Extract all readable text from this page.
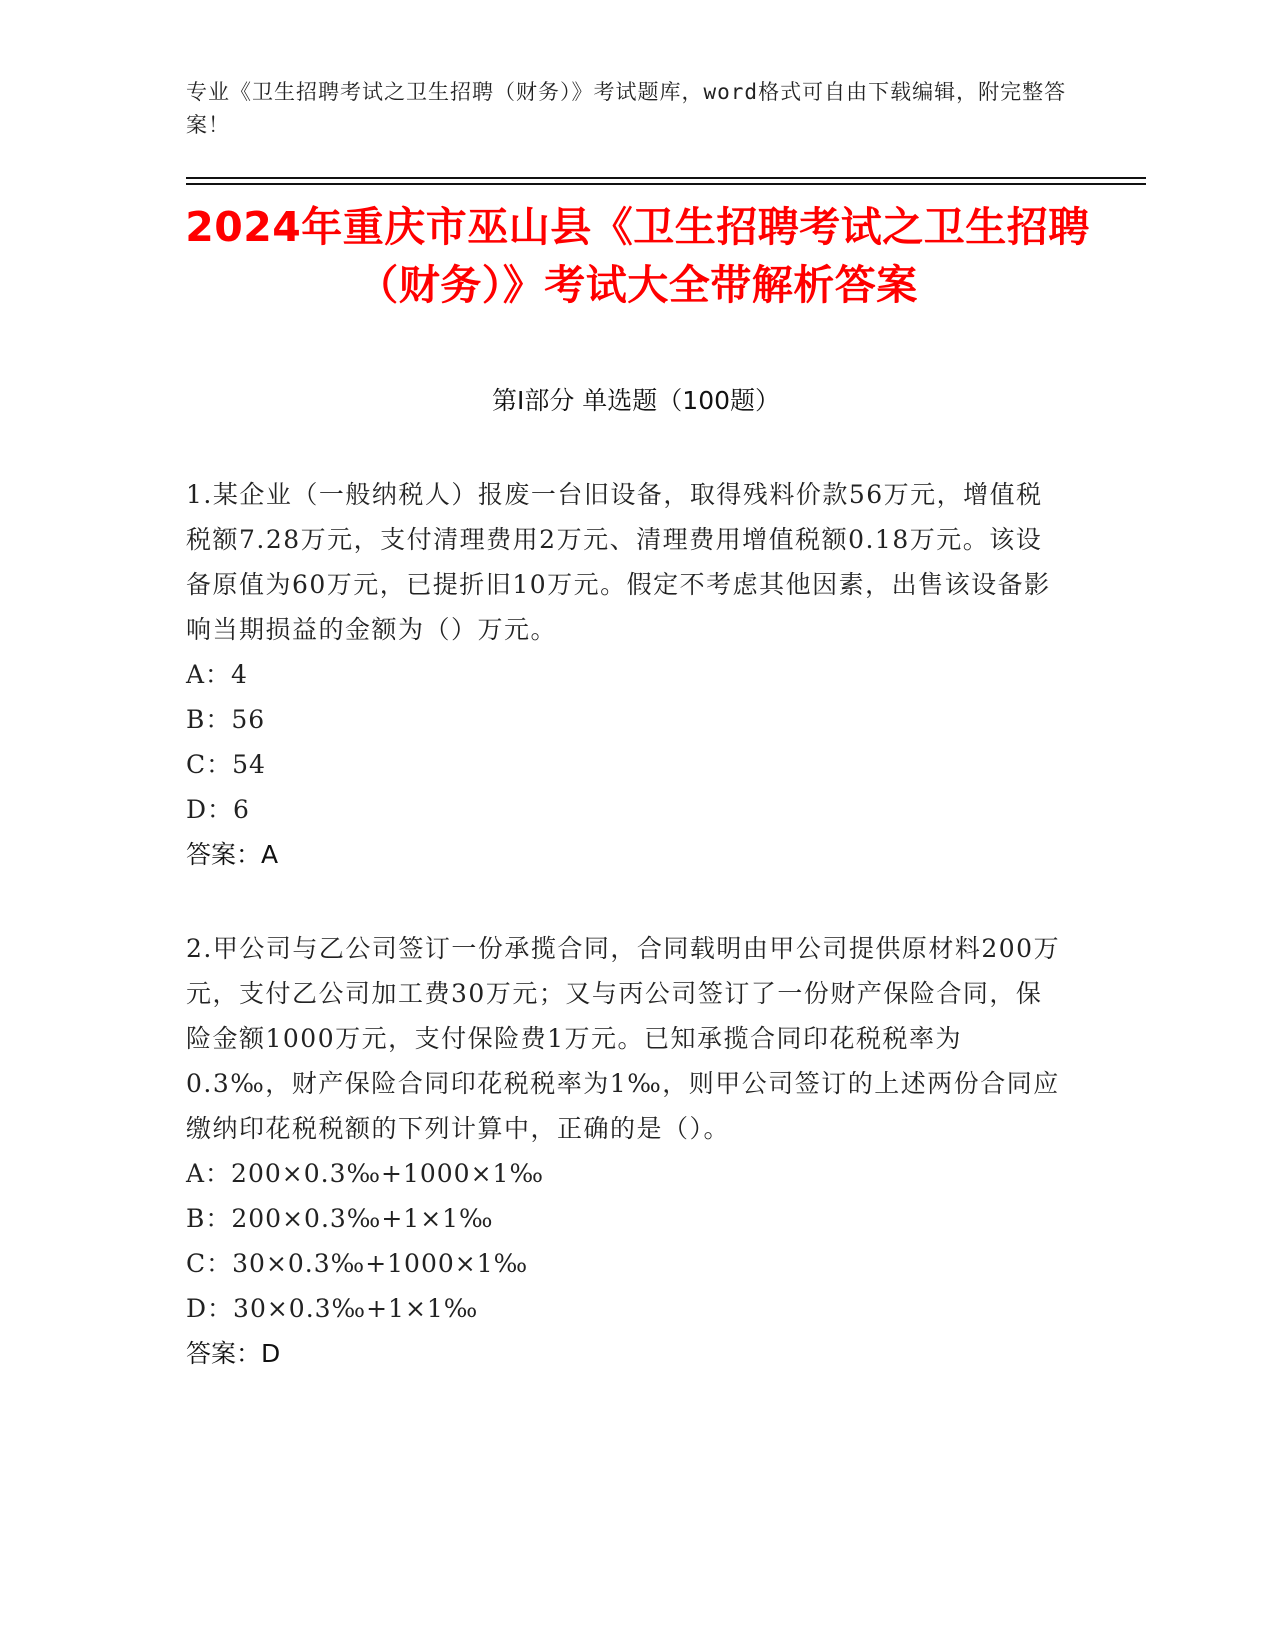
专业《卫生招聘考试之卫生招聘（财务）》考试题库，word格式可自由下载编辑，附完整答案！
2024年重庆市巫山县《卫生招聘考试之卫生招聘（财务）》考试大全带解析答案
第I部分 单选题（100题）

1.某企业（一般纳税人）报废一台旧设备，取得残料价款56万元，增值税税额7.28万元，支付清理费用2万元、清理费用增值税额0.18万元。该设备原值为60万元，已提折旧10万元。假定不考虑其他因素，出售该设备影响当期损益的金额为（）万元。

A：4

B：56

C：54

D：6

答案：A

2.甲公司与乙公司签订一份承揽合同，合同载明由甲公司提供原材料200万元，支付乙公司加工费30万元；又与丙公司签订了一份财产保险合同，保险金额1000万元，支付保险费1万元。已知承揽合同印花税税率为0.3‰，财产保险合同印花税税率为1‰，则甲公司签订的上述两份合同应缴纳印花税税额的下列计算中，正确的是（）。

A：200×0.3‰+1000×1‰

B：200×0.3‰+1×1‰

C：30×0.3‰+1000×1‰

D：30×0.3‰+1×1‰

答案：D
